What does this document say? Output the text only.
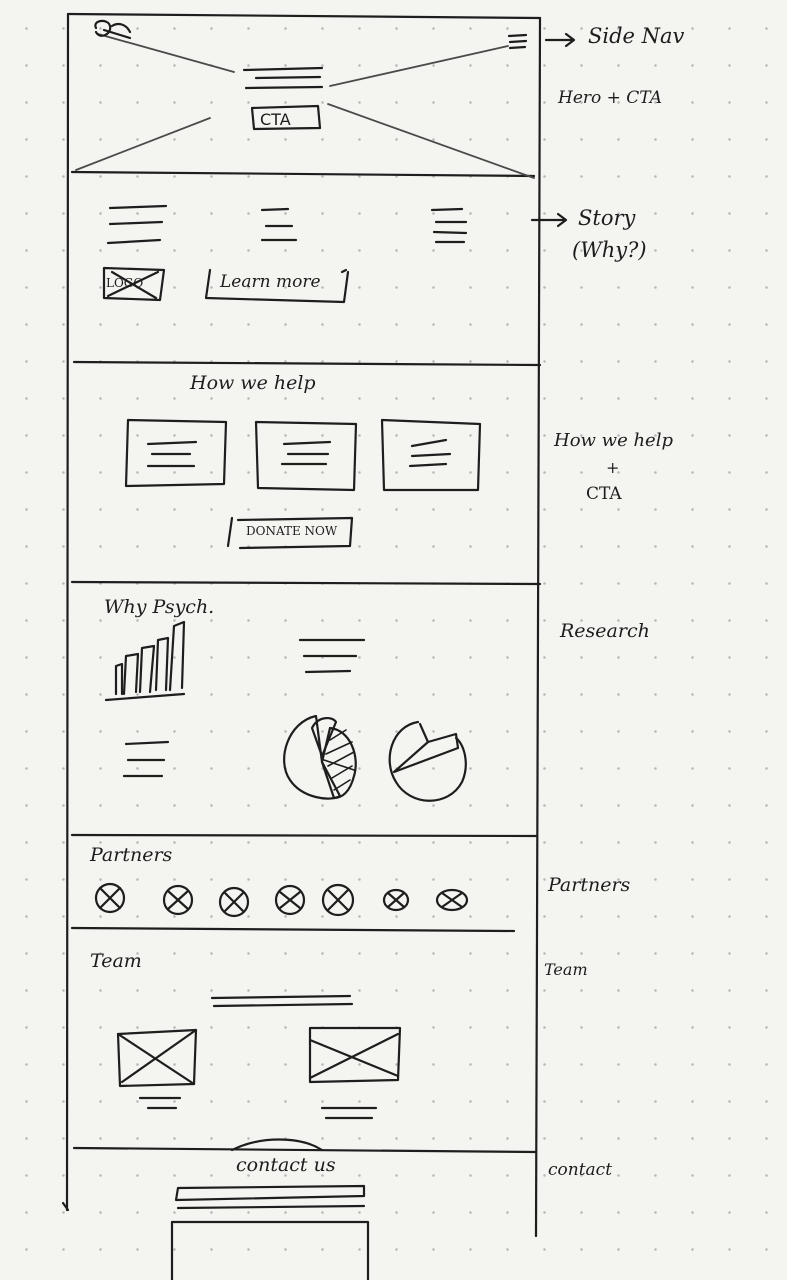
CTA
LOGO	Learn more
How we help
DONATE NOW
Why Psych.
Partners
Team
contact us
Side Nav
Hero + CTA
Story
(Why?)
How we help
+
CTA
Research
Partners
Team
contact
